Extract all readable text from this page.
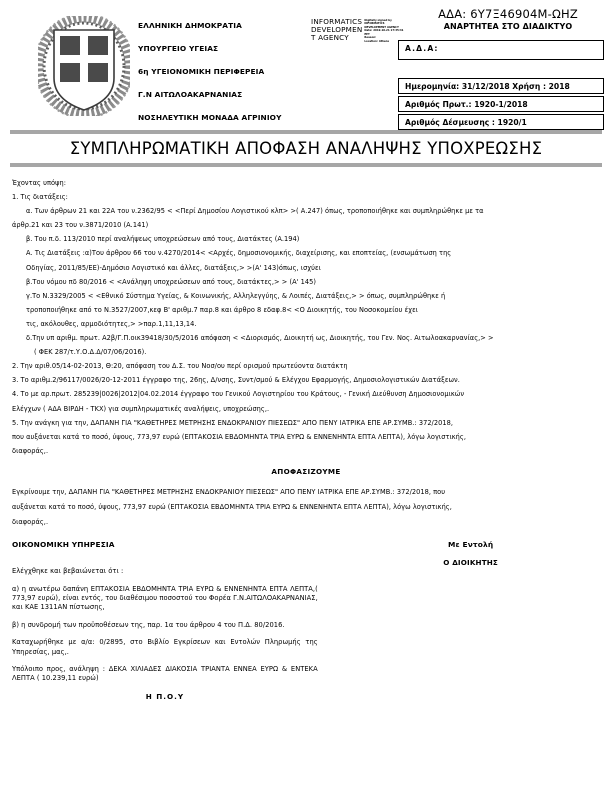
ΕΛΛΗΝΙΚΗ ΔΗΜΟΚΡΑΤΙΑ
ΥΠΟΥΡΓΕΙΟ ΥΓΕΙΑΣ
6η ΥΓΕΙΟΝΟΜΙΚΗ ΠΕΡΙΦΕΡΕΙΑ
Γ.Ν ΑΙΤΩΛΟΑΚΑΡΝΑΝΙΑΣ
ΝΟΣΗΛΕΥΤΙΚΗ ΜΟΝΑΔΑ ΑΓΡΙΝΙΟΥ
INFORMATICS
DEVELOPMEN
T AGENCY
Digitally signed by
INFORMATICS
DEVELOPMENT AGENCY
Date: 2019.10.21 17:35:41
EET
Reason:
Location: Athens
ΑΔΑ: 6Υ7Ξ46904Μ-ΩΗΖ
ΑΝΑΡΤΗΤΕΑ ΣΤΟ ΔΙΑΔΙΚΤΥΟ
Α.Δ.Α:
Ημερομηνία: 31/12/2018 Χρήση : 2018
Αριθμός Πρωτ.: 1920-1/2018
Αριθμός Δέσμευσης : 1920/1
ΣΥΜΠΛΗΡΩΜΑΤΙΚΗ ΑΠΟΦΑΣΗ ΑΝΑΛΗΨΗΣ ΥΠΟΧΡΕΩΣΗΣ

Έχοντας υπόψη:

1. Τις διατάξεις:

α. Των άρθρων 21 και 22Α του ν.2362/95 < <Περί Δημοσίου Λογιστικού κλπ> >( Α.247) όπως, τροποποιήθηκε και συμπληρώθηκε με τα

άρθρ.21 και 23 του ν.3871/2010 (Α.141)

β. Του π.δ. 113/2010 περί αναλήψεως υποχρεώσεων από τους, Διατάκτες (Α.194)

Α. Τις Διατάξεις :α)Του άρθρου 66 του ν.4270/2014< <Αρχές, δημοσιονομικής, διαχείρισης, και εποπτείας, (ενσωμάτωση της

Οδηγίας, 2011/85/ΕΕ)-Δημόσιο Λογιστικό και άλλες, διατάξεις,> >(Α' 143)όπως, ισχύει

β.Του νόμου πδ 80/2016 < <Ανάληψη υποχρεώσεων από τους, διατάκτες,> > (Α' 145)

γ.Το Ν.3329/2005 < <Εθνικό Σύστημα Υγείας, & Κοινωνικής, Αλληλεγγύης, & Λοιπές, Διατάξεις,> > όπως, συμπληρώθηκε ή

τροποποιήθηκε από το Ν.3527/2007,κεφ Β' αριθμ.7 παρ.8 και άρθρο 8 εδαφ.8< <Ο Διοικητής, του Νοσοκομείου έχει

τις, ακόλουθες, αρμοδιότητες,> >παρ.1,11,13,14.

δ.Την υπ αριθμ. πρωτ. Α2β/Γ.Π.οικ39418/30/5/2016 απόφαση < <Διορισμός, Διοικητή ως, Διοικητής, του Γεν. Νος. Αιτωλοακαρνανίας,> >

( ΦΕΚ 287/τ.Υ.Ο.Δ.Δ/07/06/2016).

2. Την αριθ.05/14-02-2013, Θ:20, απόφαση του Δ.Σ. του Νοσ/ου περί ορισμού πρωτεύοντα διατάκτη

3. Το αριθμ.2/96117/0026/20-12-2011 έγγραφο της, 26ης, Δ/νσης, Συντ/σμού & Ελέγχου Εφαρμογής, Δημοσιολογιστικών Διατάξεων.

4. Το με αρ.πρωτ. 285239|0026|2012|04.02.2014 έγγραφο του Γενικού Λογιστηρίου του Κράτους, - Γενική Διεύθυνση Δημοσιονομικών

Ελέγχων ( ΑΔΑ ΒΙΡΔΗ - ΤΚΧ) για συμπληρωματικές αναλήψεις, υποχρεώσης,.

5. Την ανάγκη για την, ΔΑΠΑΝΗ ΓΙΑ "ΚΑΘΕΤΗΡΕΣ ΜΕΤΡΗΣΗΣ ΕΝΔΟΚΡΑΝΙΟΥ ΠΙΕΣΕΩΣ" ΑΠΟ ΠΕΝΥ ΙΑΤΡΙΚΑ ΕΠΕ ΑΡ.ΣΥΜΒ.: 372/2018,

που αυξάνεται κατά το ποσό, ύψους, 773,97 ευρώ (ΕΠΤΑΚΟΣΙΑ ΕΒΔΟΜΗΝΤΑ ΤΡΙΑ ΕΥΡΩ & ΕΝΝΕΝΗΝΤΑ ΕΠΤΑ ΛΕΠΤΑ), λόγω λογιστικής,

διαφοράς,.

ΑΠΟΦΑΣΙΖΟΥΜΕ

Εγκρίνουμε την, ΔΑΠΑΝΗ ΓΙΑ "ΚΑΘΕΤΗΡΕΣ ΜΕΤΡΗΣΗΣ ΕΝΔΟΚΡΑΝΙΟΥ ΠΙΕΣΕΩΣ" ΑΠΟ ΠΕΝΥ ΙΑΤΡΙΚΑ ΕΠΕ ΑΡ.ΣΥΜΒ.: 372/2018, που

αυξάνεται κατά το ποσό, ύψους, 773,97 ευρώ (ΕΠΤΑΚΟΣΙΑ ΕΒΔΟΜΗΝΤΑ ΤΡΙΑ ΕΥΡΩ & ΕΝΝΕΝΗΝΤΑ ΕΠΤΑ ΛΕΠΤΑ), λόγω λογιστικής,

διαφοράς,.

ΟΙΚΟΝΟΜΙΚΗ ΥΠΗΡΕΣΙΑ	Με Εντολή
Ο ΔΙΟΙΚΗΤΗΣ

Ελέγχθηκε και βεβαιώνεται ότι :

α) η ανωτέρω δαπάνη ΕΠΤΑΚΟΣΙΑ ΕΒΔΟΜΗΝΤΑ ΤΡΙΑ ΕΥΡΩ & ΕΝΝΕΝΗΝΤΑ ΕΠΤΑ ΛΕΠΤΑ,( 773,97 ευρώ), είναι εντός, του διαθέσιμου ποσοστού του Φορέα Γ.Ν.ΑΙΤΩΛΟΑΚΑΡΝΑΝΙΑΣ, και ΚΑΕ 1311ΑΝ πίστωσης,

β) η συνδρομή των προϋποθέσεων της, παρ. 1α του άρθρου 4 του Π.Δ. 80/2016.

Καταχωρήθηκε με α/α: 0/2895, στο Βιβλίο Εγκρίσεων και Εντολών Πληρωμής της Υπηρεσίας, μας,.

Υπόλοιπο προς, ανάληψη : ΔΕΚΑ ΧΙΛΙΑΔΕΣ ΔΙΑΚΟΣΙΑ ΤΡΙΑΝΤΑ ΕΝΝΕΑ ΕΥΡΩ & ΕΝΤΕΚΑ ΛΕΠΤΑ ( 10.239,11 ευρώ)

Η Π.Ο.Υ
